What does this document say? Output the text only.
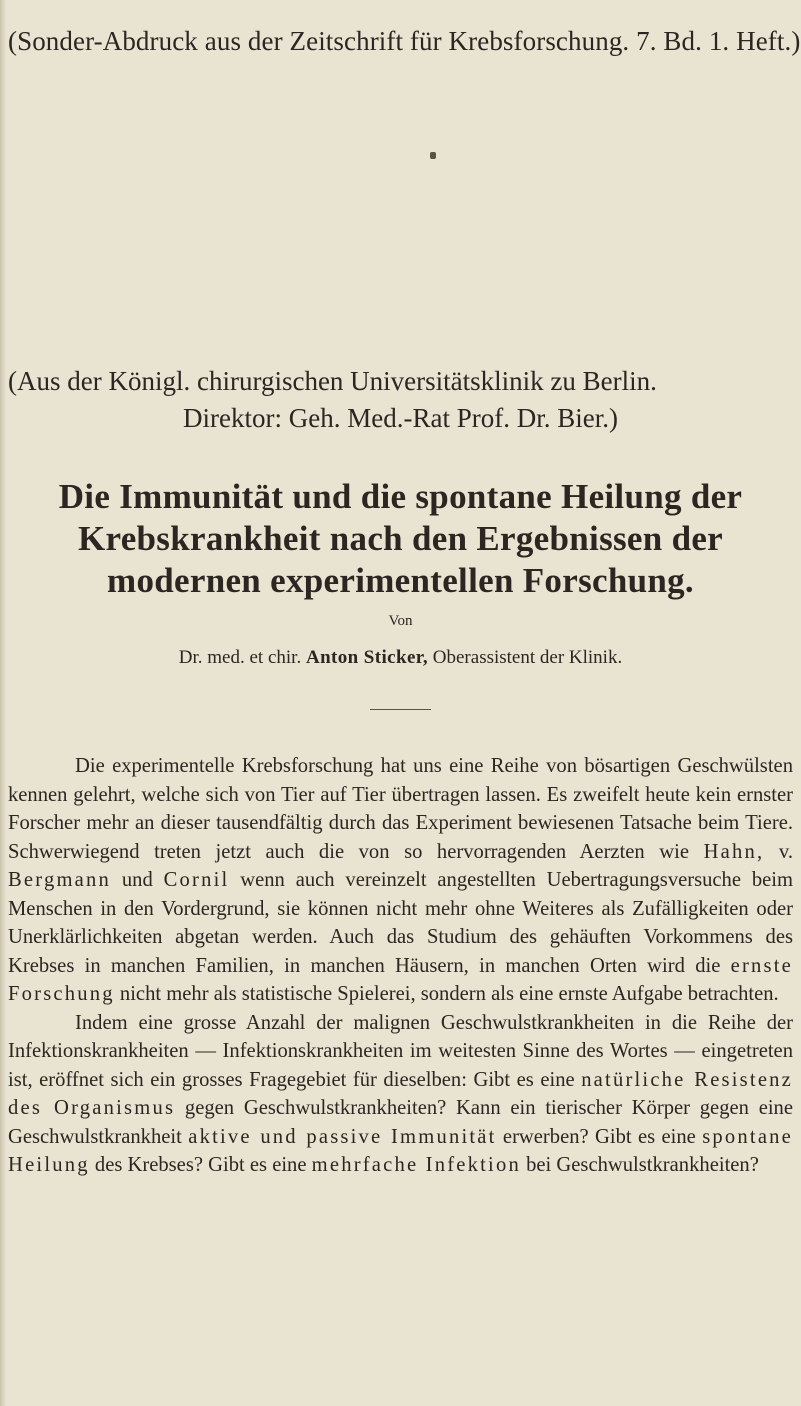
(Sonder-Abdruck aus der Zeitschrift für Krebsforschung. 7. Bd. 1. Heft.)
(Aus der Königl. chirurgischen Universitätsklinik zu Berlin.
Direktor: Geh. Med.-Rat Prof. Dr. Bier.)
Die Immunität und die spontane Heilung der
Krebskrankheit nach den Ergebnissen der
modernen experimentellen Forschung.
Von
Dr. med. et chir. Anton Sticker, Oberassistent der Klinik.

Die experimentelle Krebsforschung hat uns eine Reihe von bösartigen Geschwülsten kennen gelehrt, welche sich von Tier auf Tier übertragen lassen. Es zweifelt heute kein ernster Forscher mehr an dieser tausendfältig durch das Experiment bewiesenen Tatsache beim Tiere. Schwerwiegend treten jetzt auch die von so hervorragenden Aerzten wie Hahn, v. Bergmann und Cornil wenn auch vereinzelt angestellten Uebertragungsversuche beim Menschen in den Vordergrund, sie können nicht mehr ohne Weiteres als Zufälligkeiten oder Unerklärlichkeiten abgetan werden. Auch das Studium des gehäuften Vorkommens des Krebses in manchen Familien, in manchen Häusern, in manchen Orten wird die ernste Forschung nicht mehr als statistische Spielerei, sondern als eine ernste Aufgabe betrachten.

Indem eine grosse Anzahl der malignen Geschwulstkrankheiten in die Reihe der Infektionskrankheiten — Infektionskrankheiten im weitesten Sinne des Wortes — eingetreten ist, eröffnet sich ein grosses Fragegebiet für dieselben: Gibt es eine natürliche Resistenz des Organismus gegen Geschwulstkrankheiten? Kann ein tierischer Körper gegen eine Geschwulstkrankheit aktive und passive Immunität erwerben? Gibt es eine spontane Heilung des Krebses? Gibt es eine mehrfache Infektion bei Geschwulstkrankheiten?
